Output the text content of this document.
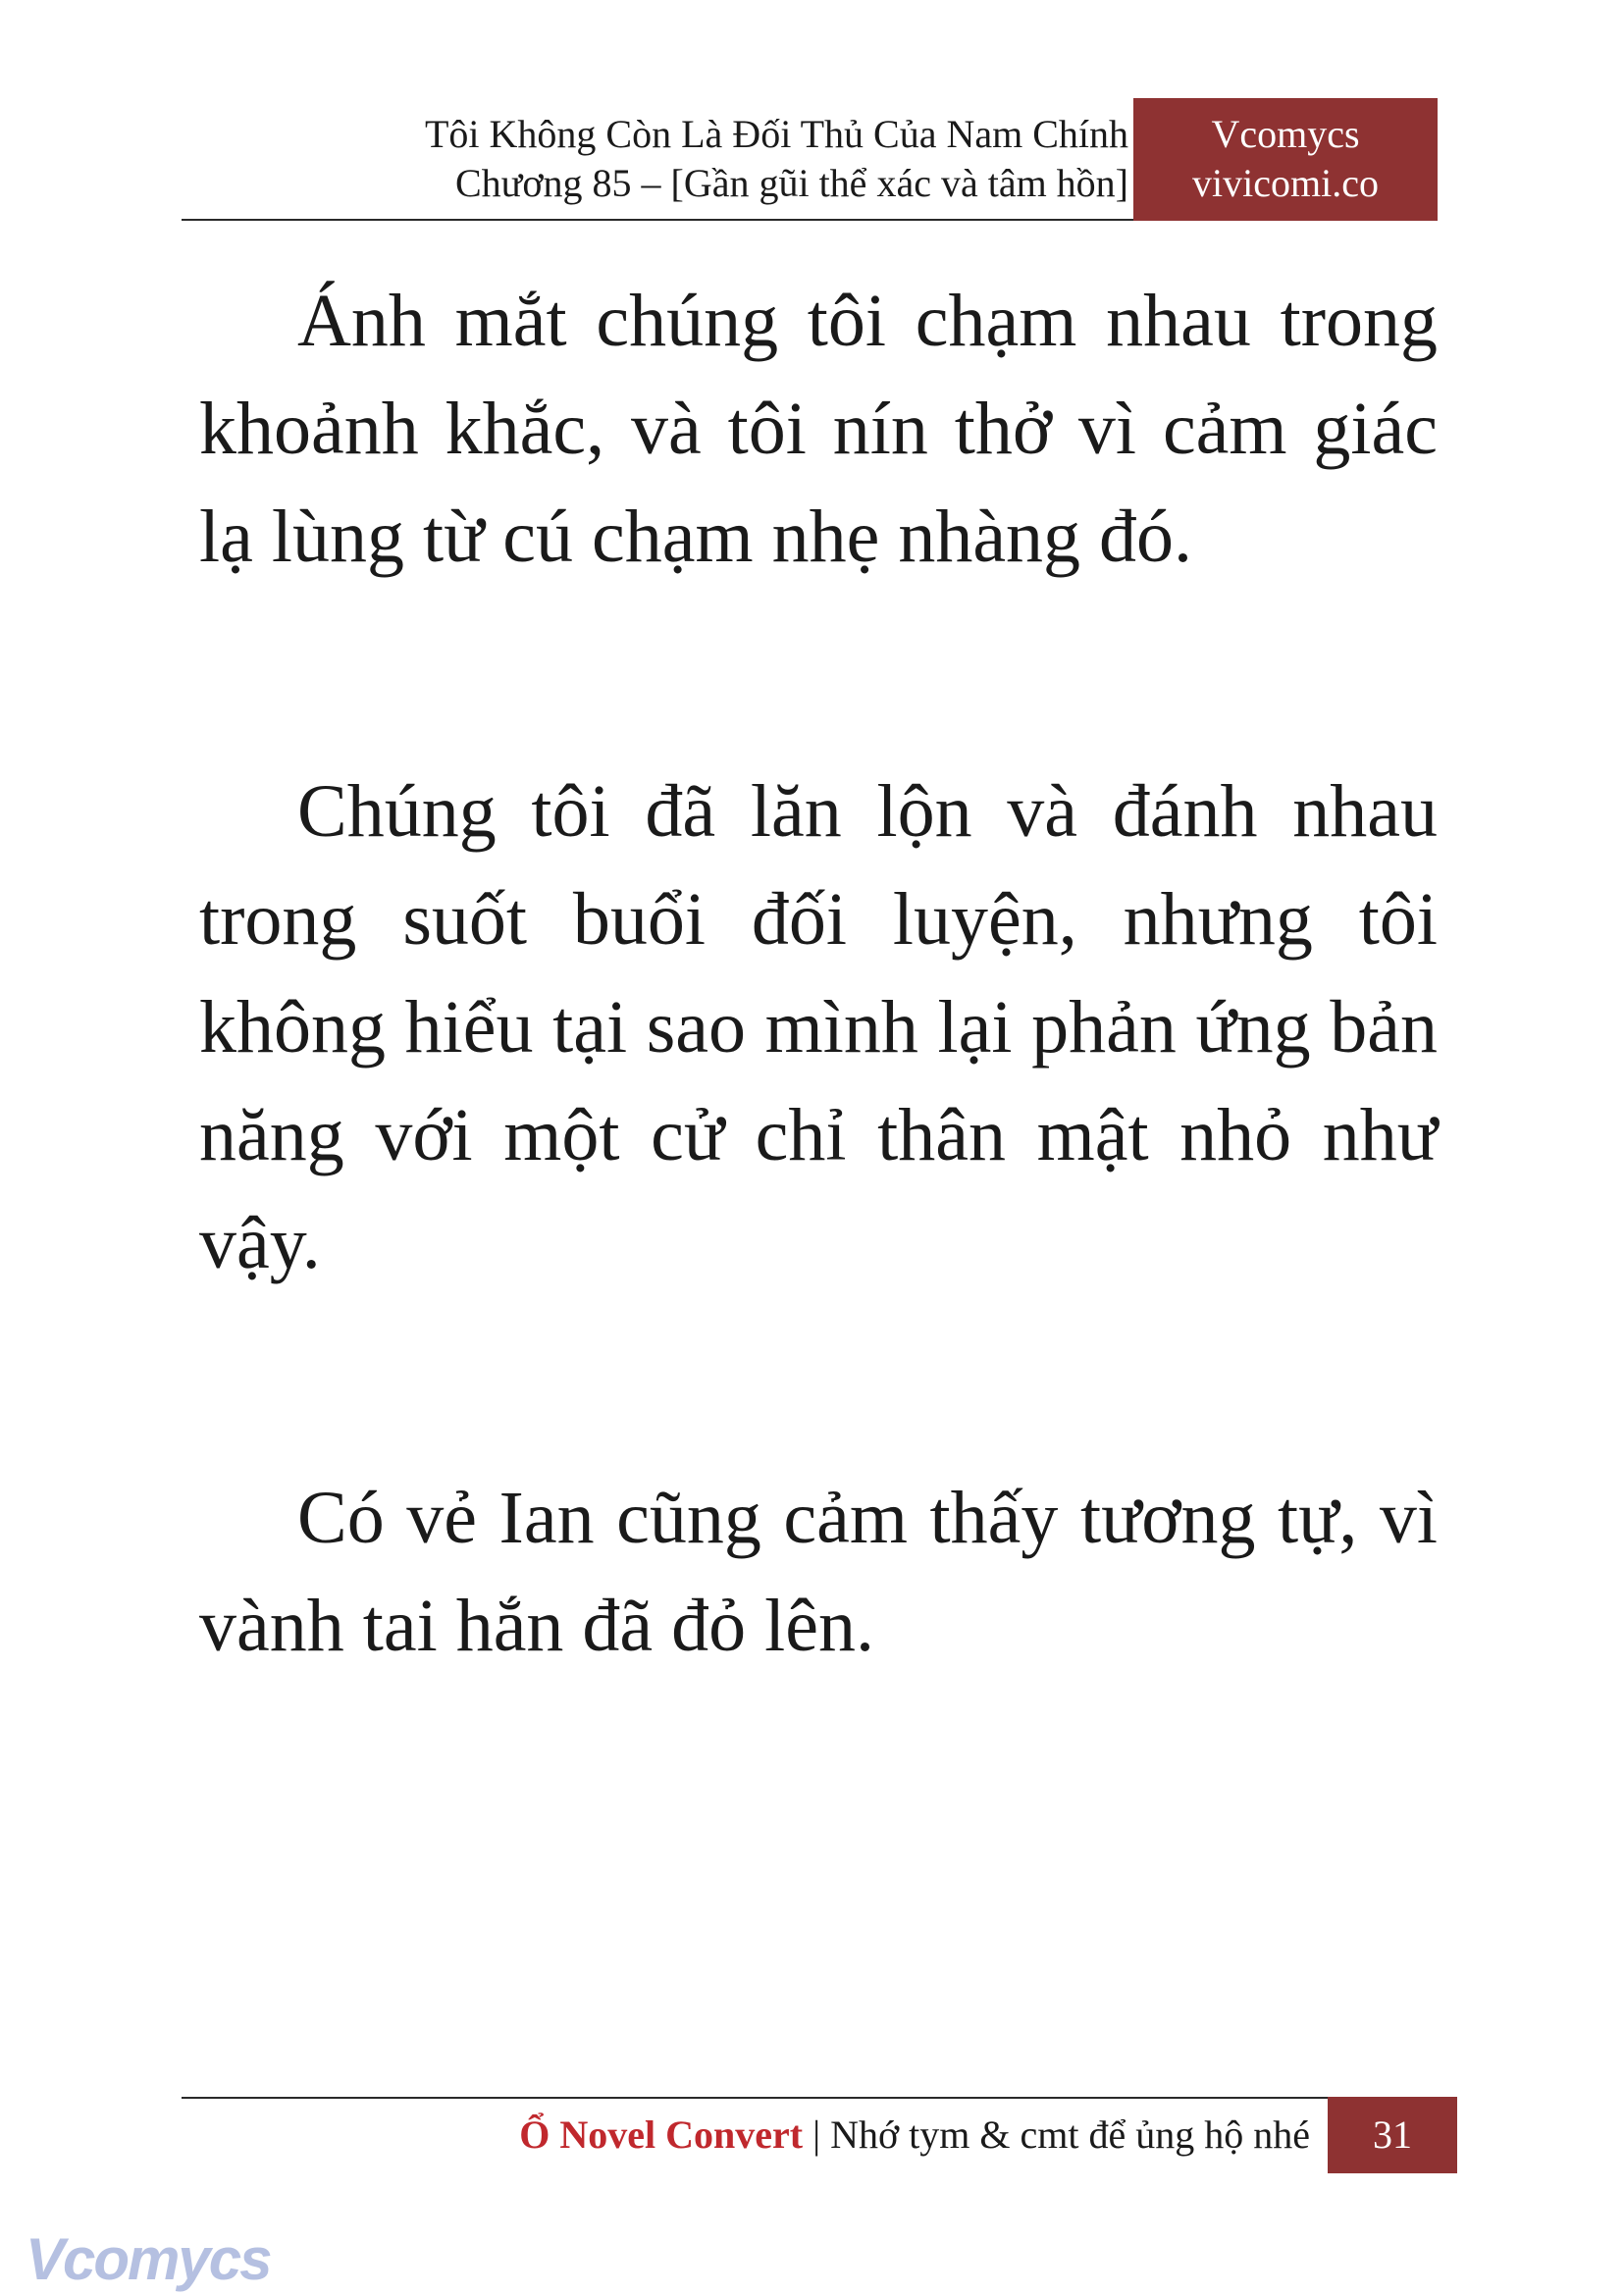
Tôi Không Còn Là Đối Thủ Của Nam Chính
Chương 85 – [Gần gũi thể xác và tâm hồn]
Vcomycs
vivicomi.co

Ánh mắt chúng tôi chạm nhau trong khoảnh khắc, và tôi nín thở vì cảm giác lạ lùng từ cú chạm nhẹ nhàng đó.

Chúng tôi đã lăn lộn và đánh nhau trong suốt buổi đối luyện, nhưng tôi không hiểu tại sao mình lại phản ứng bản năng với một cử chỉ thân mật nhỏ như vậy.

Có vẻ Ian cũng cảm thấy tương tự, vì vành tai hắn đã đỏ lên.

Ổ Novel Convert | Nhớ tym & cmt để ủng hộ nhé	31
Vcomycs
